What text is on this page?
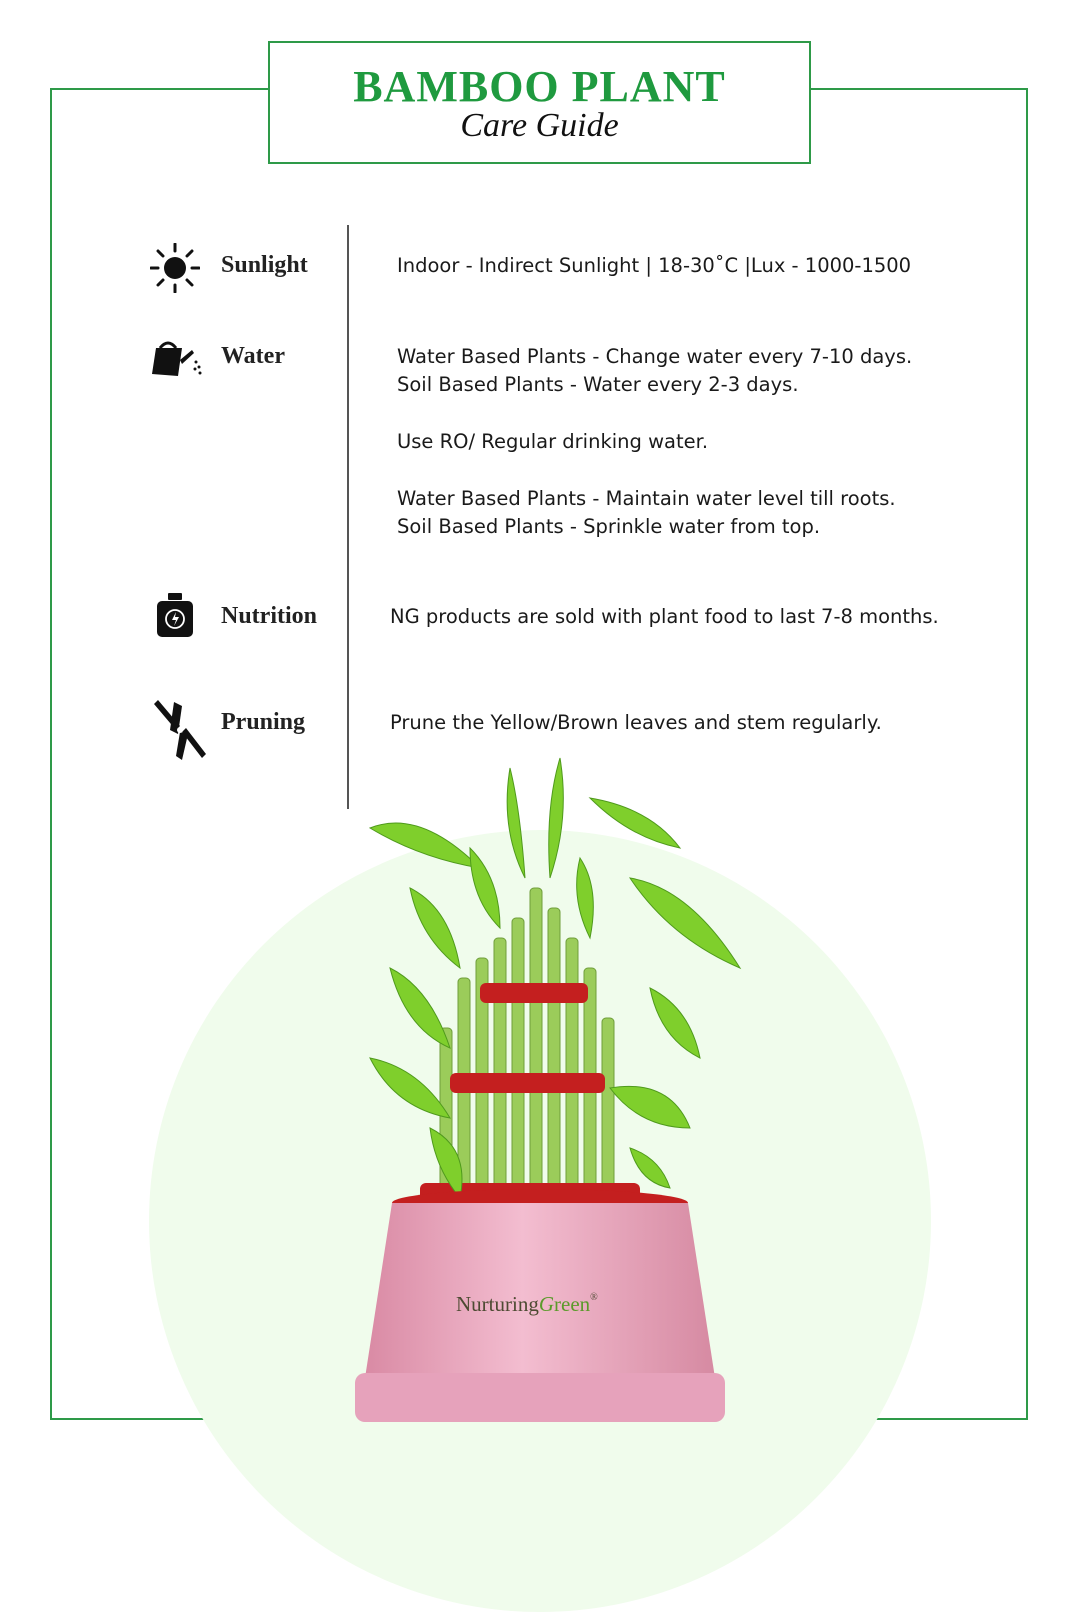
BAMBOO PLANT
Care Guide
Sunlight	Indoor - Indirect Sunlight | 18-30˚C |Lux - 1000-1500
Water	Water Based Plants - Change water every 7-10 days.
Soil Based Plants - Water every 2-3 days.
Use RO/ Regular drinking water.
Water Based Plants - Maintain water level till roots.
Soil Based Plants - Sprinkle water from top.
Nutrition	NG products are sold with plant food to last 7-8 months.
Pruning	Prune the Yellow/Brown leaves and stem regularly.
NurturingGreen®
